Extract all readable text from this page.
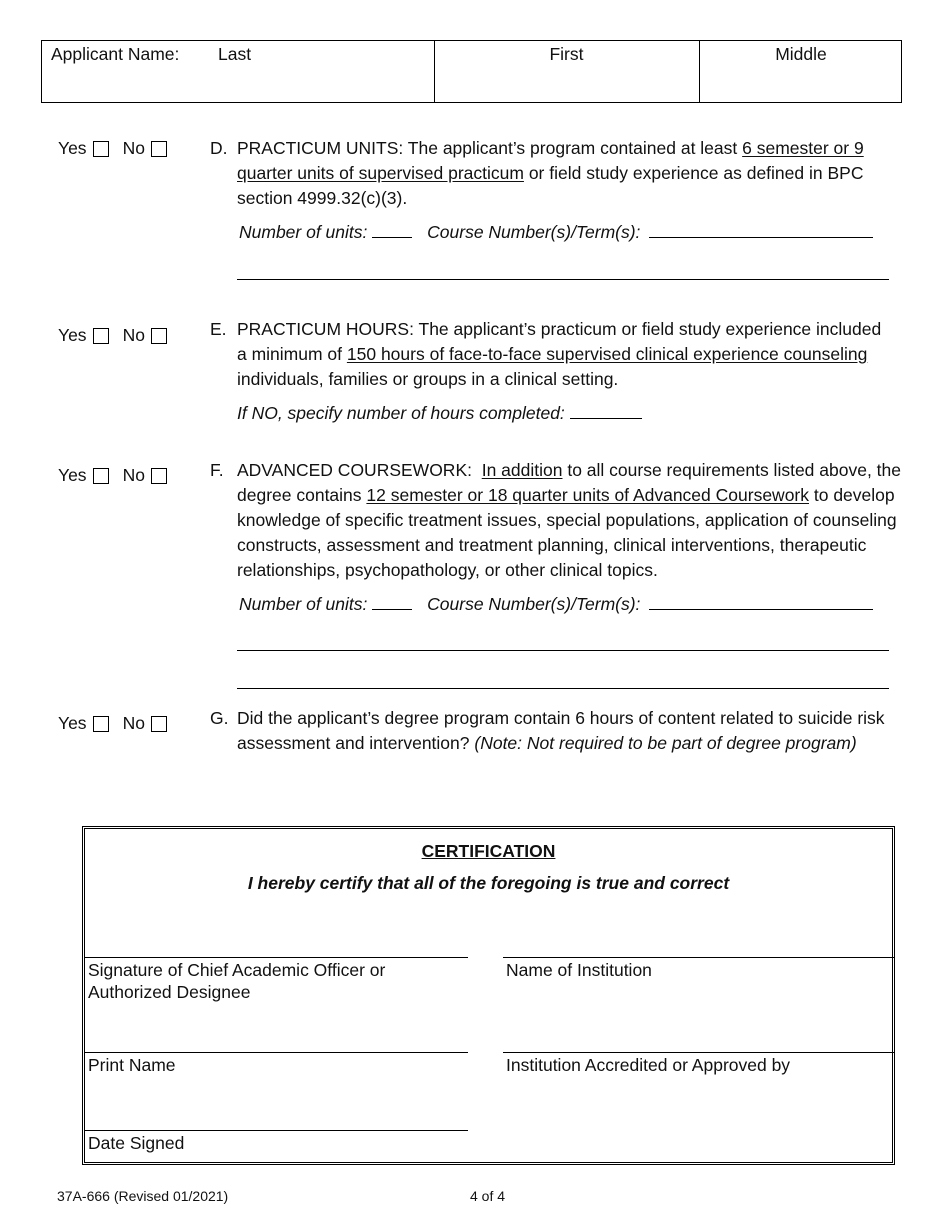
Applicant Name: Last	First	Middle
Yes No	D. PRACTICUM UNITS: The applicant’s program contained at least 6 semester or 9 quarter units of supervised practicum or field study experience as defined in BPC section 4999.32(c)(3).
Number of units:	Course Number(s)/Term(s):
Yes No	E. PRACTICUM HOURS: The applicant’s practicum or field study experience included a minimum of 150 hours of face-to-face supervised clinical experience counseling individuals, families or groups in a clinical setting.
If NO, specify number of hours completed:
Yes No	F. ADVANCED COURSEWORK: In addition to all course requirements listed above, the degree contains 12 semester or 18 quarter units of Advanced Coursework to develop knowledge of specific treatment issues, special populations, application of counseling constructs, assessment and treatment planning, clinical interventions, therapeutic relationships, psychopathology, or other clinical topics.
Number of units:	Course Number(s)/Term(s):
Yes No	G. Did the applicant’s degree program contain 6 hours of content related to suicide risk assessment and intervention? (Note: Not required to be part of degree program)
CERTIFICATION
I hereby certify that all of the foregoing is true and correct
Signature of Chief Academic Officer or Authorized Designee
Name of Institution
Print Name	Institution Accredited or Approved by
Date Signed
37A-666 (Revised 01/2021)	4 of 4
